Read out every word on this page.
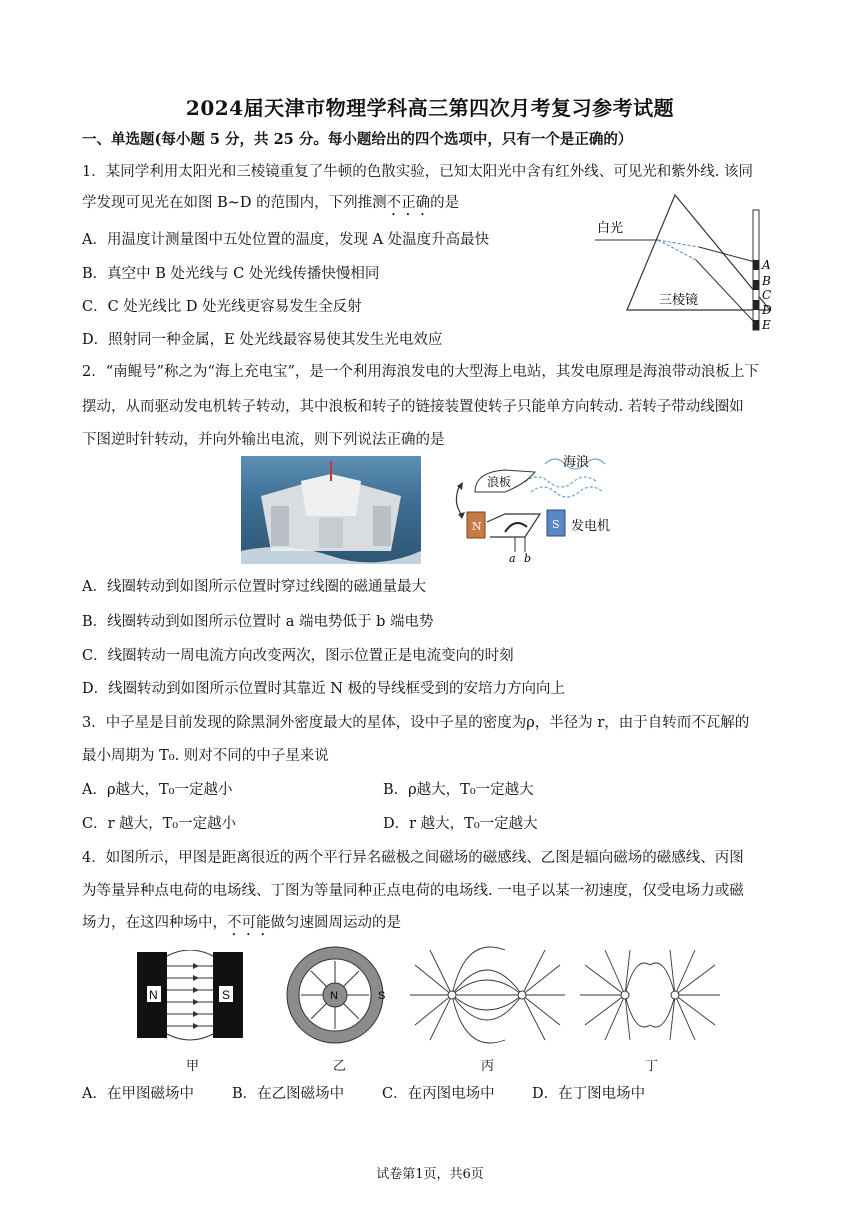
2024届天津市物理学科高三第四次月考复习参考试题
一、单选题(每小题 5 分，共 25 分。每小题给出的四个选项中，只有一个是正确的）
1．某同学利用太阳光和三棱镜重复了牛顿的色散实验，已知太阳光中含有红外线、可见光和紫外线. 该同
学发现可见光在如图 B~D 的范围内，下列推测不正确的是
A．用温度计测量图中五处位置的温度，发现 A 处温度升高最快
B．真空中 B 处光线与 C 处光线传播快慢相同
C．C 处光线比 D 处光线更容易发生全反射
D．照射同一种金属，E 处光线最容易使其发生光电效应
白光
三棱镜
A
B
C
D
E
2．“南鲲号”称之为“海上充电宝”，是一个利用海浪发电的大型海上电站，其发电原理是海浪带动浪板上下
摆动，从而驱动发电机转子转动，其中浪板和转子的链接装置使转子只能单方向转动. 若转子带动线圈如
下图逆时针转动，并向外输出电流，则下列说法正确的是
海浪
浪板
N	S 发电机
a b
A．线圈转动到如图所示位置时穿过线圈的磁通量最大
B．线圈转动到如图所示位置时 a 端电势低于 b 端电势
C．线圈转动一周电流方向改变两次，图示位置正是电流变向的时刻
D．线圈转动到如图所示位置时其靠近 N 极的导线框受到的安培力方向向上
3．中子星是目前发现的除黑洞外密度最大的星体，设中子星的密度为ρ，半径为 r，由于自转而不瓦解的
最小周期为 T₀. 则对不同的中子星来说
A．ρ越大，T₀一定越小	B．ρ越大，T₀一定越大
C．r 越大，T₀一定越小	D．r 越大，T₀一定越大
4．如图所示，甲图是距离很近的两个平行异名磁极之间磁场的磁感线、乙图是辐向磁场的磁感线、丙图
为等量异种点电荷的电场线、丁图为等量同种正点电荷的电场线. 一电子以某一初速度，仅受电场力或磁
场力，在这四种场中，不可能做匀速圆周运动的是
N	S	N	S
甲	乙	丙	丁
A．在甲图磁场中	B．在乙图磁场中	C．在丙图电场中	D．在丁图电场中
试卷第1页，共6页
